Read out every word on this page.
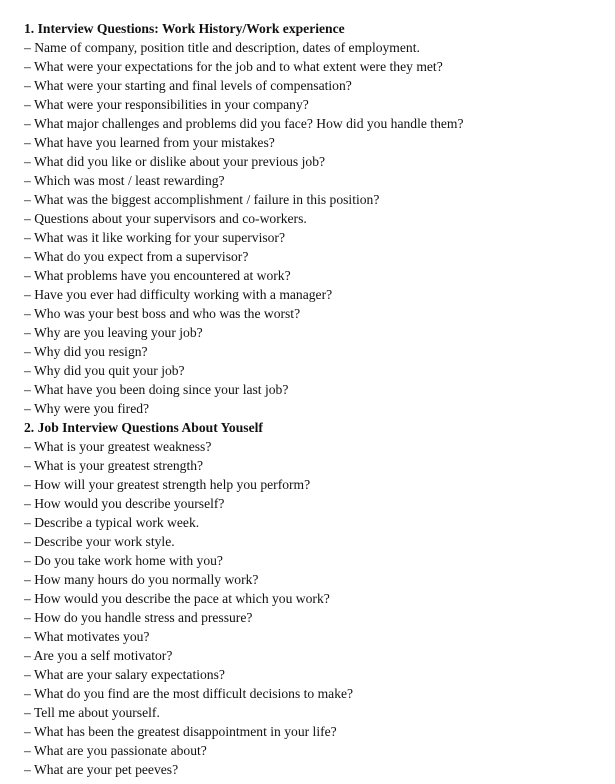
1. Interview Questions: Work History/Work experience
– Name of company, position title and description, dates of employment.
– What were your expectations for the job and to what extent were they met?
– What were your starting and final levels of compensation?
– What were your responsibilities in your company?
– What major challenges and problems did you face? How did you handle them?
– What have you learned from your mistakes?
– What did you like or dislike about your previous job?
– Which was most / least rewarding?
– What was the biggest accomplishment / failure in this position?
– Questions about your supervisors and co-workers.
– What was it like working for your supervisor?
– What do you expect from a supervisor?
– What problems have you encountered at work?
– Have you ever had difficulty working with a manager?
– Who was your best boss and who was the worst?
– Why are you leaving your job?
– Why did you resign?
– Why did you quit your job?
– What have you been doing since your last job?
– Why were you fired?
2. Job Interview Questions About Youself
– What is your greatest weakness?
– What is your greatest strength?
– How will your greatest strength help you perform?
– How would you describe yourself?
– Describe a typical work week.
– Describe your work style.
– Do you take work home with you?
– How many hours do you normally work?
– How would you describe the pace at which you work?
– How do you handle stress and pressure?
– What motivates you?
– Are you a self motivator?
– What are your salary expectations?
– What do you find are the most difficult decisions to make?
– Tell me about yourself.
– What has been the greatest disappointment in your life?
– What are you passionate about?
– What are your pet peeves?
